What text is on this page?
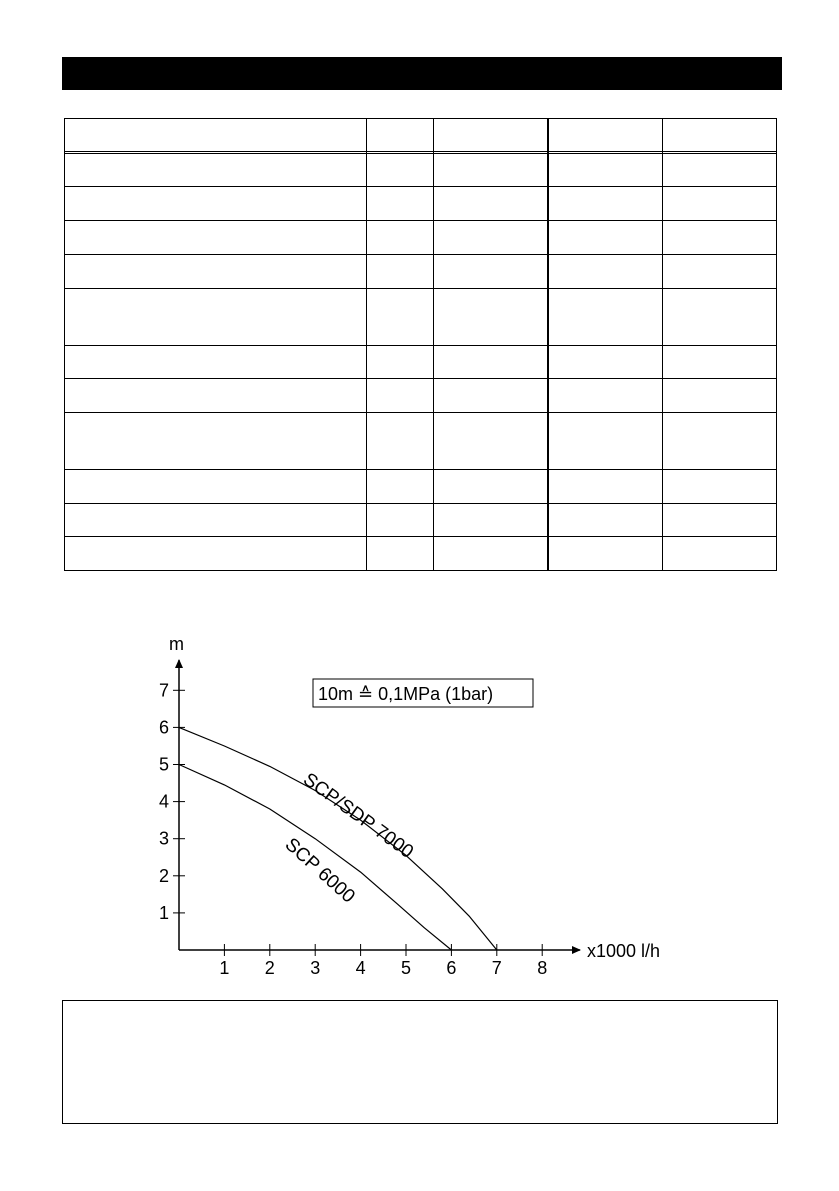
x1000 l/h
m
1 2 3 4 5 6 7 8
1
2
3
4
5
6
7	10m ≙ 0,1MPa (1bar)
SCP/SDP 7000
SCP 6000
